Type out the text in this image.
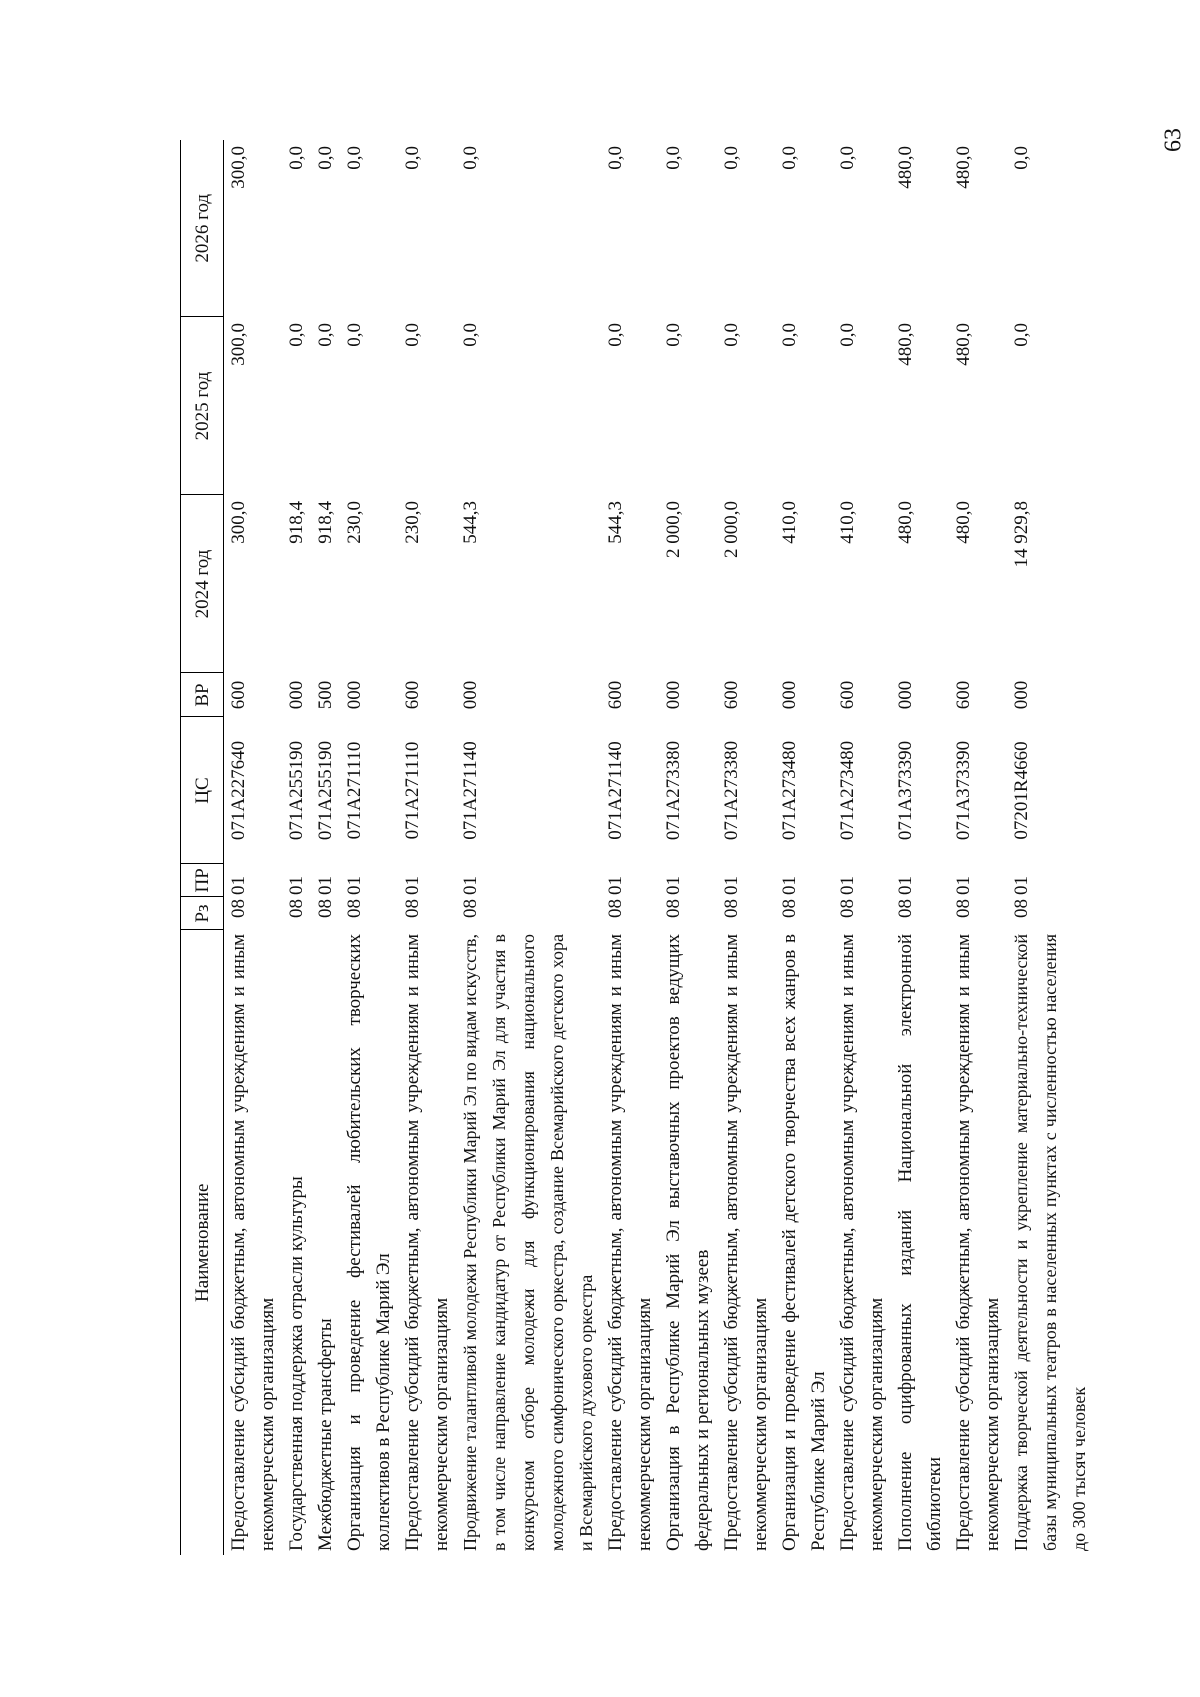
63
Наименование	Рз	ПР	ЦС	ВР	2024 год	2025 год	2026 год
Предоставление субсидий бюджетным, автономным учреждениям и иным некоммерческим организациям	08	01	071A227640	600	300,0	300,0	300,0
Государственная поддержка отрасли культуры	08	01	071A255190	000	918,4	0,0	0,0
Межбюджетные трансферты	08	01	071A255190	500	918,4	0,0	0,0
Организация и проведение фестивалей любительских творческих коллективов в Республике Марий Эл	08	01	071A271110	000	230,0	0,0	0,0
Предоставление субсидий бюджетным, автономным учреждениям и иным некоммерческим организациям	08	01	071A271110	600	230,0	0,0	0,0
Продвижение талантливой молодежи Республики Марий Эл по видам искусств, в том числе направление кандидатур от Республики Марий Эл для участия в конкурсном отборе молодежи для функционирования национального молодежного симфонического оркестра, создание Всемарийского детского хора и Всемарийского духового оркестра	08	01	071A271140	000	544,3	0,0	0,0
Предоставление субсидий бюджетным, автономным учреждениям и иным некоммерческим организациям	08	01	071A271140	600	544,3	0,0	0,0
Организация в Республике Марий Эл выставочных проектов ведущих федеральных и региональных музеев	08	01	071A273380	000	2 000,0	0,0	0,0
Предоставление субсидий бюджетным, автономным учреждениям и иным некоммерческим организациям	08	01	071A273380	600	2 000,0	0,0	0,0
Организация и проведение фестивалей детского творчества всех жанров в Республике Марий Эл	08	01	071A273480	000	410,0	0,0	0,0
Предоставление субсидий бюджетным, автономным учреждениям и иным некоммерческим организациям	08	01	071A273480	600	410,0	0,0	0,0
Пополнение оцифрованных изданий Национальной электронной библиотеки	08	01	071A373390	000	480,0	480,0	480,0
Предоставление субсидий бюджетным, автономным учреждениям и иным некоммерческим организациям	08	01	071A373390	600	480,0	480,0	480,0
Поддержка творческой деятельности и укрепление материально-технической базы муниципальных театров в населенных пунктах с численностью населения до 300 тысяч человек	08	01	07201R4660	000	14 929,8	0,0	0,0
